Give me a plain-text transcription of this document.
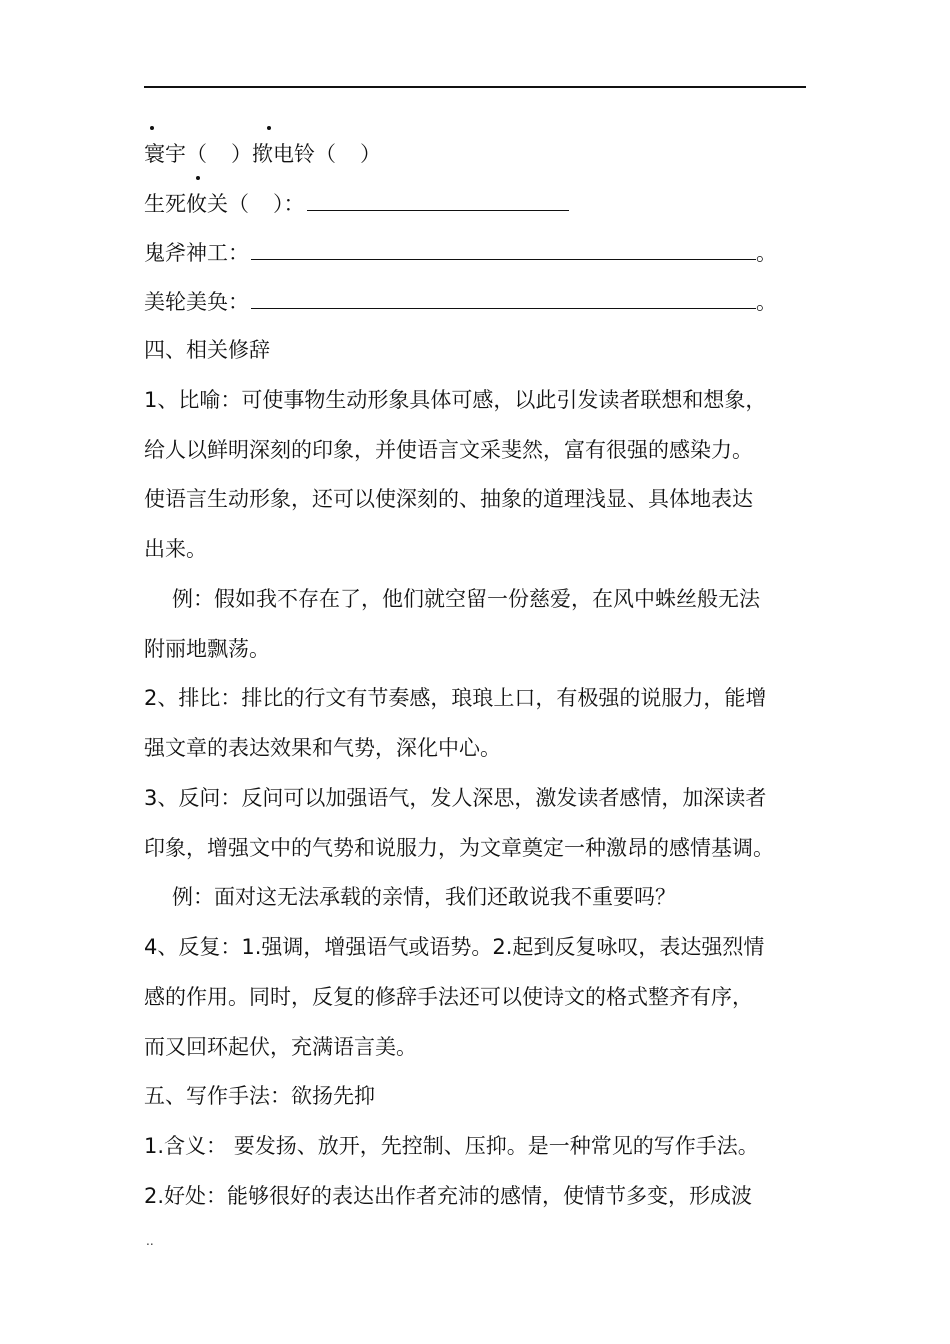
寰宇（ ）揿电铃（ ）
生死攸关（ ）：
鬼斧神工：	。
美轮美奂：	。
四、相关修辞
1、比喻：可使事物生动形象具体可感，以此引发读者联想和想象，
给人以鲜明深刻的印象，并使语言文采斐然，富有很强的感染力。
使语言生动形象，还可以使深刻的、抽象的道理浅显、具体地表达
出来。
例：假如我不存在了，他们就空留一份慈爱，在风中蛛丝般无法
附丽地飘荡。
2、排比：排比的行文有节奏感，琅琅上口，有极强的说服力，能增
强文章的表达效果和气势，深化中心。
3、反问：反问可以加强语气，发人深思，激发读者感情，加深读者
印象，增强文中的气势和说服力，为文章奠定一种激昂的感情基调。
例：面对这无法承载的亲情，我们还敢说我不重要吗？
4、反复：1.强调，增强语气或语势。2.起到反复咏叹，表达强烈情
感的作用。同时，反复的修辞手法还可以使诗文的格式整齐有序，
而又回环起伏，充满语言美。
五、写作手法：欲扬先抑
1.含义： 要发扬、放开，先控制、压抑。是一种常见的写作手法。
2.好处：能够很好的表达出作者充沛的感情，使情节多变，形成波
..
